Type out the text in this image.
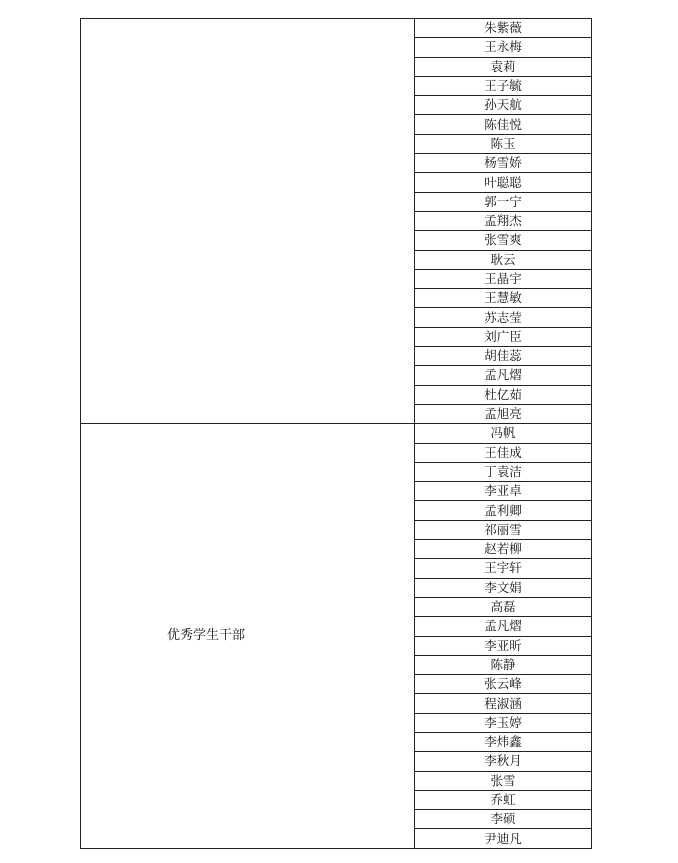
	朱紫薇
	王永梅
	袁莉
	王子毓
	孙天航
	陈佳悦
	陈玉
	杨雪娇
	叶聪聪
	郭一宁
	孟翔杰
	张雪爽
	耿云
	王晶宇
	王慧敏
	苏志莹
	刘广臣
	胡佳蕊
	孟凡熠
	杜亿茹
	孟旭亮
优秀学生干部	冯帆
	王佳成
	丁袁洁
	李亚卓
	孟利卿
	祁丽雪
	赵若柳
	王宇轩
	李文娟
	高磊
	孟凡熠
	李亚昕
	陈静
	张云峰
	程淑涵
	李玉婷
	李炜鑫
	李秋月
	张雪
	乔虹
	李硕
	尹迪凡
